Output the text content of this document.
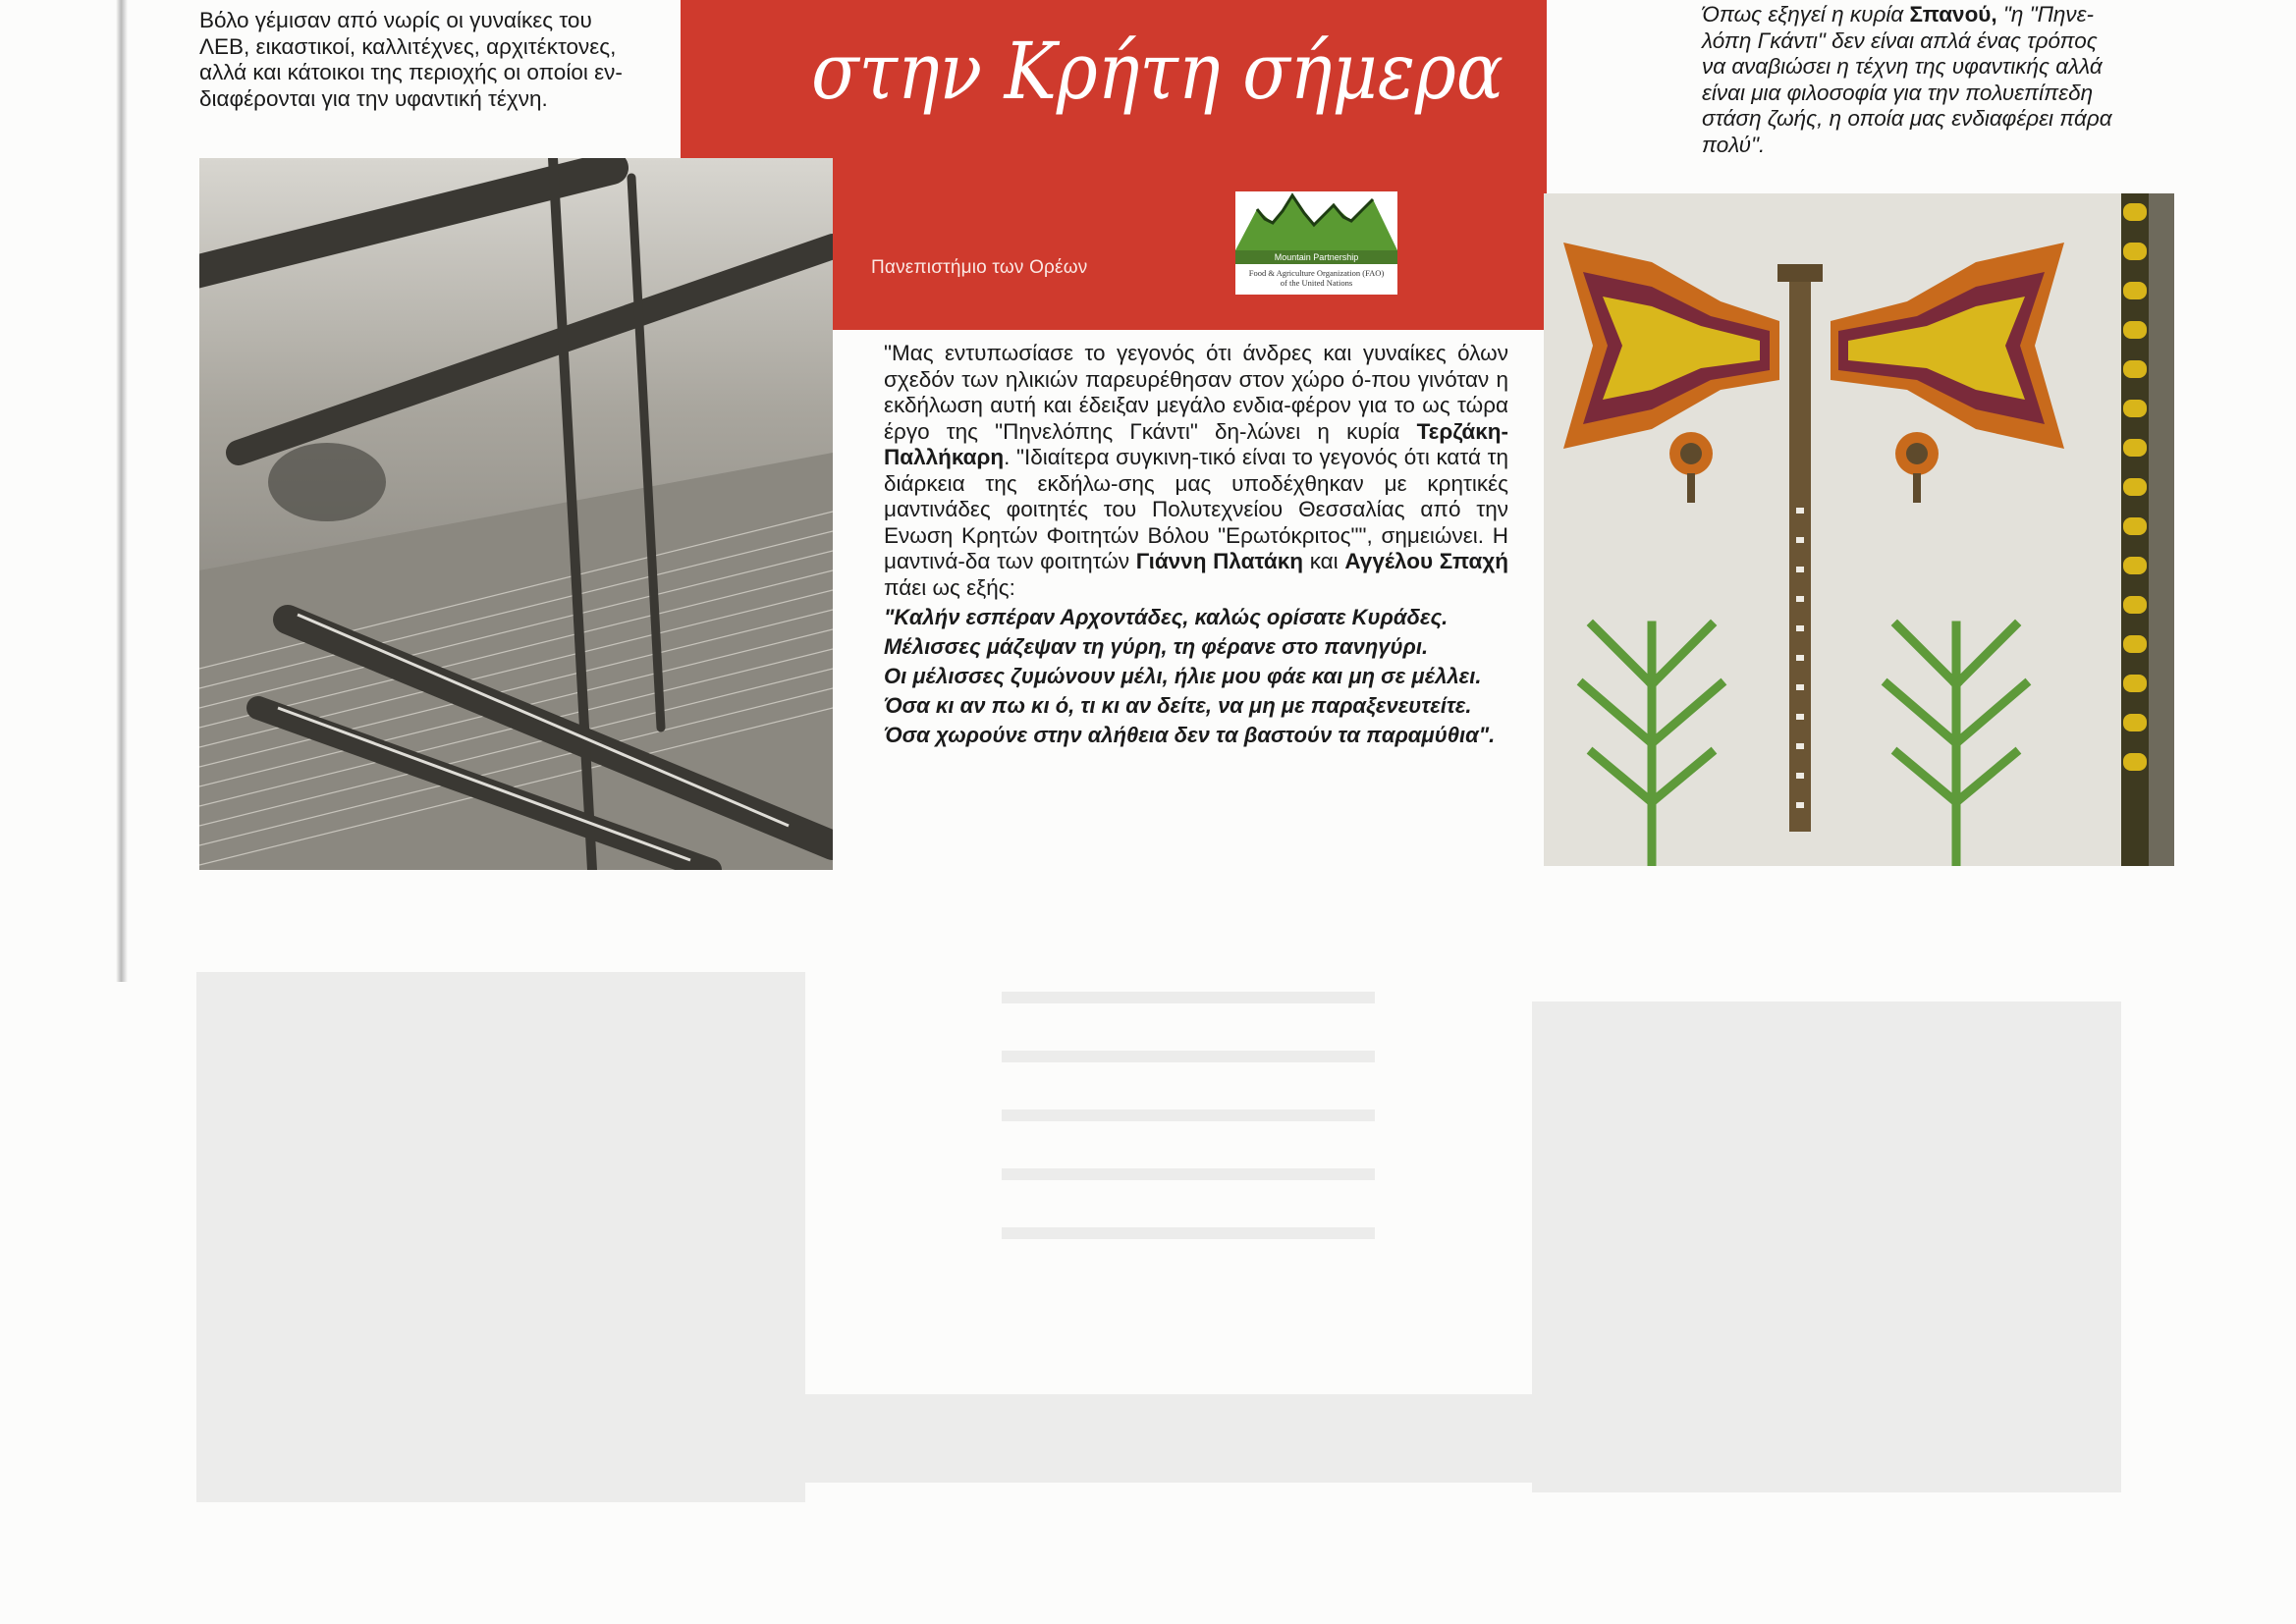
στην Κρήτη σήμερα
Πανεπιστήμιο των Ορέων	Mountain Partnership
Food & Agriculture Organization (FAO)
of the United Nations
Βόλο γέμισαν από νωρίς οι γυναίκες του
ΛΕΒ, εικαστικοί, καλλιτέχνες, αρχιτέκτονες,
αλλά και κάτοικοι της περιοχής οι οποίοι εν-
διαφέρονται για την υφαντική τέχνη.
Όπως εξηγεί η κυρία Σπανού, "η "Πηνε-
λόπη Γκάντι" δεν είναι απλά ένας τρόπος
να αναβιώσει η τέχνη της υφαντικής αλλά
είναι μια φιλοσοφία για την πολυεπίπεδη
στάση ζωής, η οποία μας ενδιαφέρει πάρα
πολύ".

"Μας εντυπωσίασε το γεγονός ότι άνδρες και γυναίκες όλων σχεδόν των ηλικιών παρευρέθησαν στον χώρο ό-που γινόταν η εκδήλωση αυτή και έδειξαν μεγάλο ενδια-φέρον για το ως τώρα έργο της "Πηνελόπης Γκάντι" δη-λώνει η κυρία Τερζάκη-Παλλήκαρη. "Ιδιαίτερα συγκινη-τικό είναι το γεγονός ότι κατά τη διάρκεια της εκδήλω-σης μας υποδέχθηκαν με κρητικές μαντινάδες φοιτητές του Πολυτεχνείου Θεσσαλίας από την Ενωση Κρητών Φοιτητών Βόλου "Ερωτόκριτος"", σημειώνει. Η μαντινά-δα των φοιτητών Γιάννη Πλατάκη και Αγγέλου Σπαχή πάει ως εξής:

"Καλήν εσπέραν Αρχοντάδες, καλώς ορίσατε Κυράδες.
Μέλισσες μάζεψαν τη γύρη, τη φέρανε στο πανηγύρι.
Οι μέλισσες ζυμώνουν μέλι, ήλιε μου φάε και μη σε μέλλει.
Όσα κι αν πω κι ό, τι κι αν δείτε, να μη με παραξενευτείτε.
Όσα χωρούνε στην αλήθεια δεν τα βαστούν τα παραμύθια".
